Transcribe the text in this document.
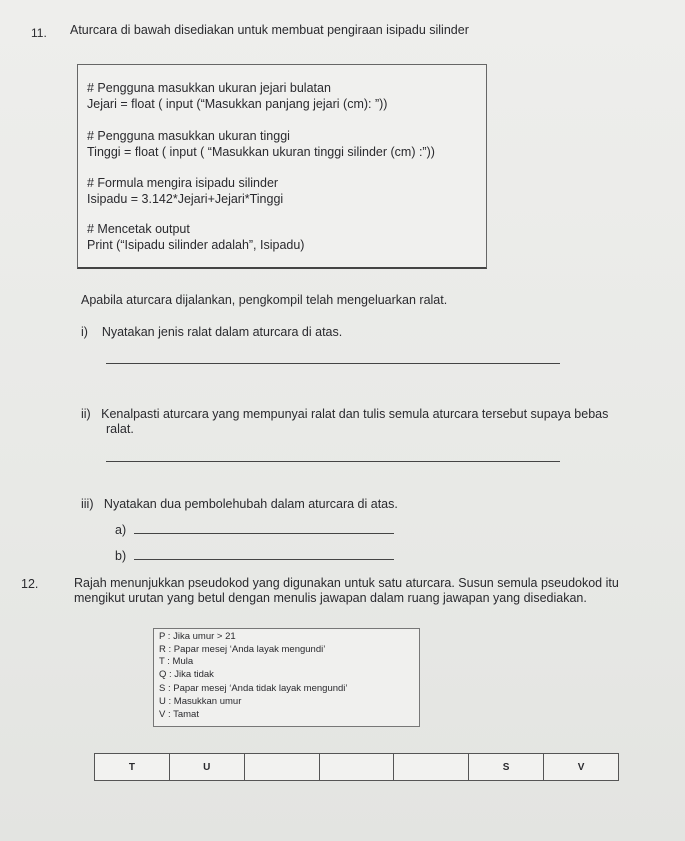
11. Aturcara di bawah disediakan untuk membuat pengiraan isipadu silinder
# Pengguna masukkan ukuran jejari bulatan
Jejari = float ( input (“Masukkan panjang jejari (cm): ”))
# Pengguna masukkan ukuran tinggi
Tinggi = float ( input ( “Masukkan ukuran tinggi silinder (cm) :”))
# Formula mengira isipadu silinder
Isipadu = 3.142*Jejari+Jejari*Tinggi
# Mencetak output
Print (“Isipadu silinder adalah”, Isipadu)
Apabila aturcara dijalankan, pengkompil telah mengeluarkan ralat.
i)    Nyatakan jenis ralat dalam aturcara di atas.
ii)   Kenalpasti aturcara yang mempunyai ralat dan tulis semula aturcara tersebut supaya bebas
ralat.
iii)   Nyatakan dua pembolehubah dalam aturcara di atas.
a)
b)
12.	Rajah menunjukkan pseudokod yang digunakan untuk satu aturcara. Susun semula pseudokod itu
mengikut urutan yang betul dengan menulis jawapan dalam ruang jawapan yang disediakan.
P : Jika umur > 21
R : Papar mesej ‘Anda layak mengundi’
T : Mula
Q : Jika tidak
S : Papar mesej ‘Anda tidak layak mengundi’
U : Masukkan umur
V : Tamat
T	U				S	V
